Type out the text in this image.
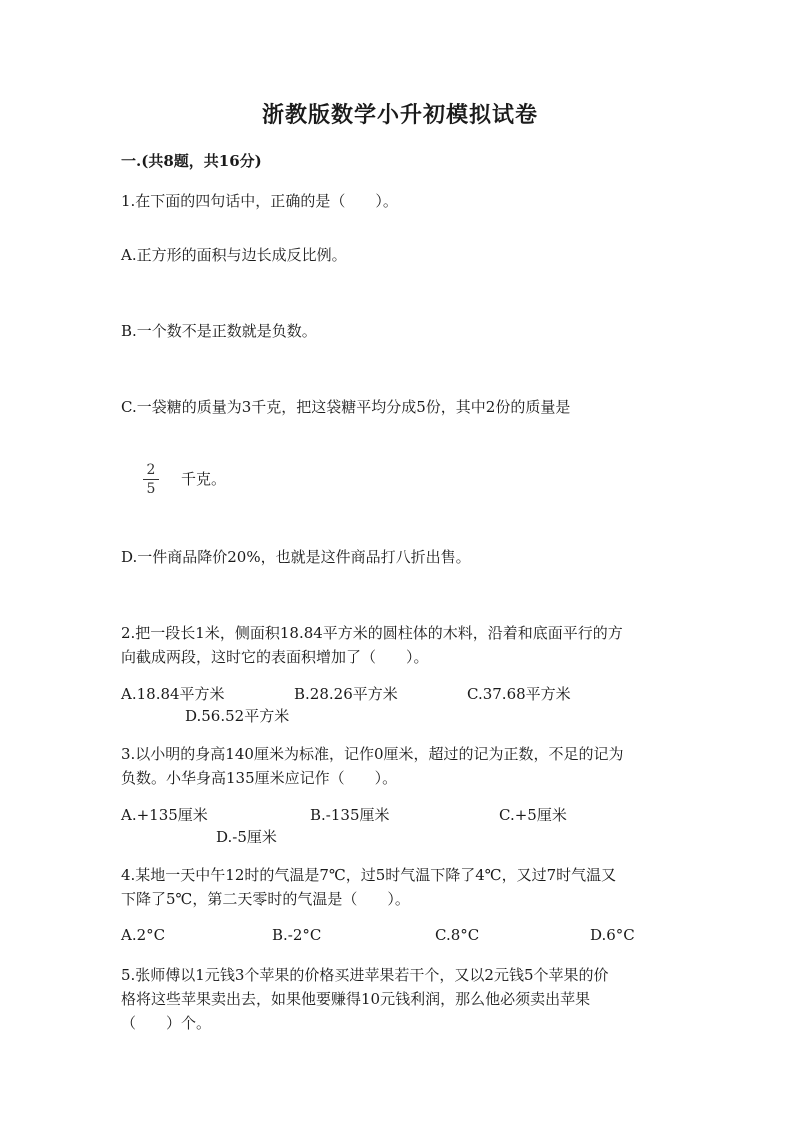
浙教版数学小升初模拟试卷
一.(共8题，共16分)
1.在下面的四句话中，正确的是（　　）。
A.正方形的面积与边长成反比例。
B.一个数不是正数就是负数。
C.一袋糖的质量为3千克，把这袋糖平均分成5份，其中2份的质量是
2
5
千克。
D.一件商品降价20%，也就是这件商品打八折出售。
2.把一段长1米，侧面积18.84平方米的圆柱体的木料，沿着和底面平行的方
向截成两段，这时它的表面积增加了（　　）。
A.18.84平方米	B.28.26平方米	C.37.68平方米
D.56.52平方米
3.以小明的身高140厘米为标准，记作0厘米，超过的记为正数，不足的记为
负数。小华身高135厘米应记作（　　）。
A.+135厘米	B.-135厘米	C.+5厘米
D.-5厘米
4.某地一天中午12时的气温是7℃，过5时气温下降了4℃，又过7时气温又
下降了5℃，第二天零时的气温是（　　）。
A.2°C	B.-2°C	C.8°C	D.6°C
5.张师傅以1元钱3个苹果的价格买进苹果若干个，又以2元钱5个苹果的价
格将这些苹果卖出去，如果他要赚得10元钱利润，那么他必须卖出苹果
（　　）个。
